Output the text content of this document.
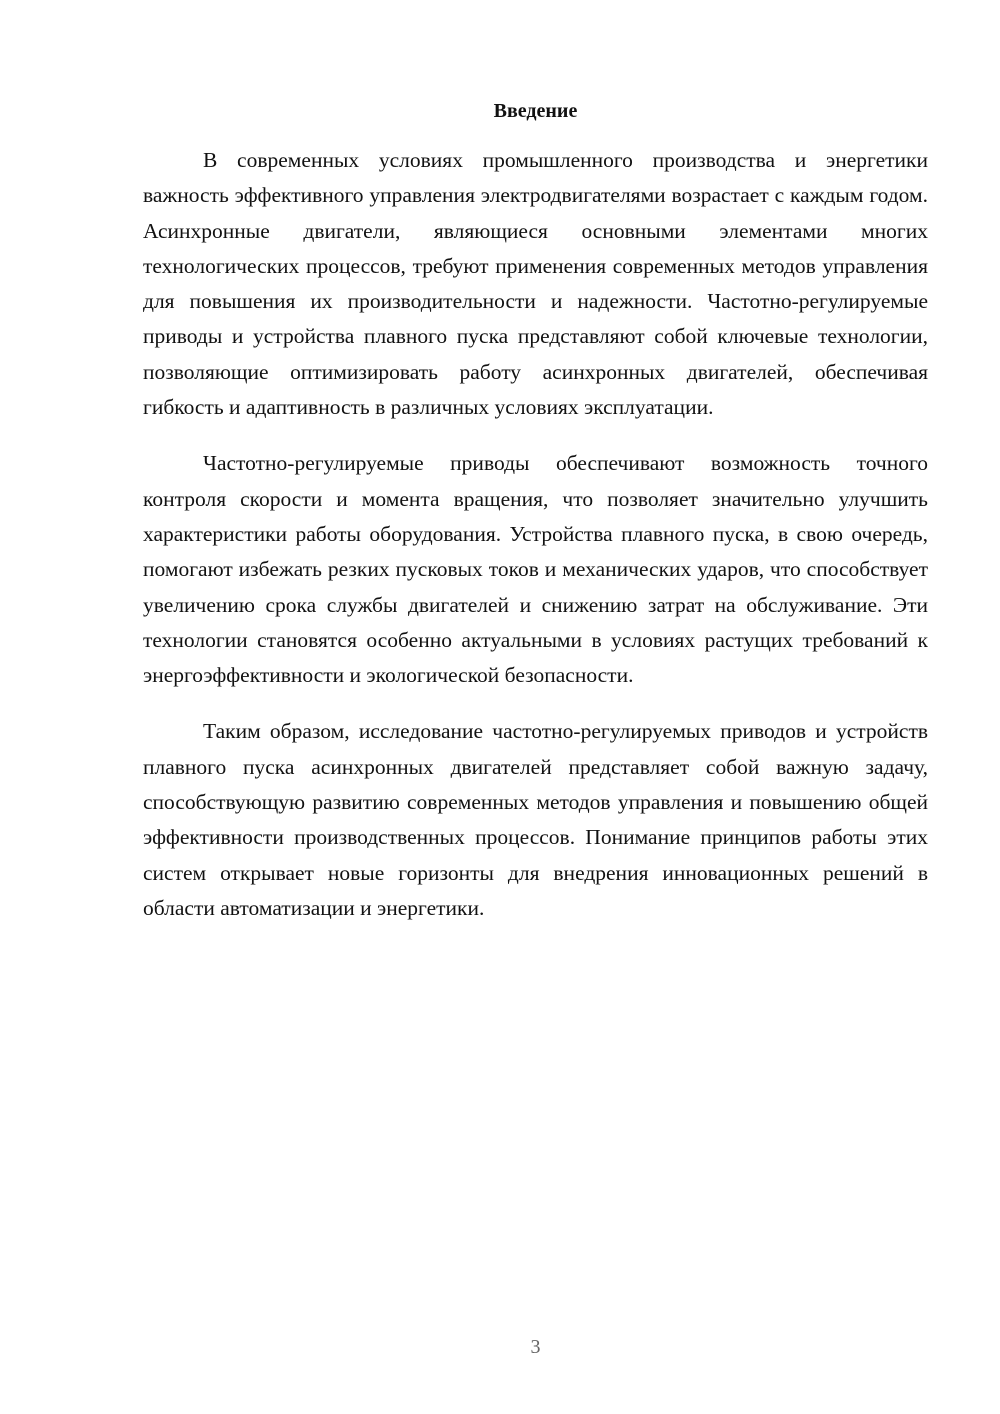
Введение

В современных условиях промышленного производства и энергетики важность эффективного управления электродвигателями возрастает с каждым годом. Асинхронные двигатели, являющиеся основными элементами многих технологических процессов, требуют применения современных методов управления для повышения их производительности и надежности. Частотно-регулируемые приводы и устройства плавного пуска представляют собой ключевые технологии, позволяющие оптимизировать работу асинхронных двигателей, обеспечивая гибкость и адаптивность в различных условиях эксплуатации.

Частотно-регулируемые приводы обеспечивают возможность точного контроля скорости и момента вращения, что позволяет значительно улучшить характеристики работы оборудования. Устройства плавного пуска, в свою очередь, помогают избежать резких пусковых токов и механических ударов, что способствует увеличению срока службы двигателей и снижению затрат на обслуживание. Эти технологии становятся особенно актуальными в условиях растущих требований к энергоэффективности и экологической безопасности.

Таким образом, исследование частотно-регулируемых приводов и устройств плавного пуска асинхронных двигателей представляет собой важную задачу, способствующую развитию современных методов управления и повышению общей эффективности производственных процессов. Понимание принципов работы этих систем открывает новые горизонты для внедрения инновационных решений в области автоматизации и энергетики.

3
